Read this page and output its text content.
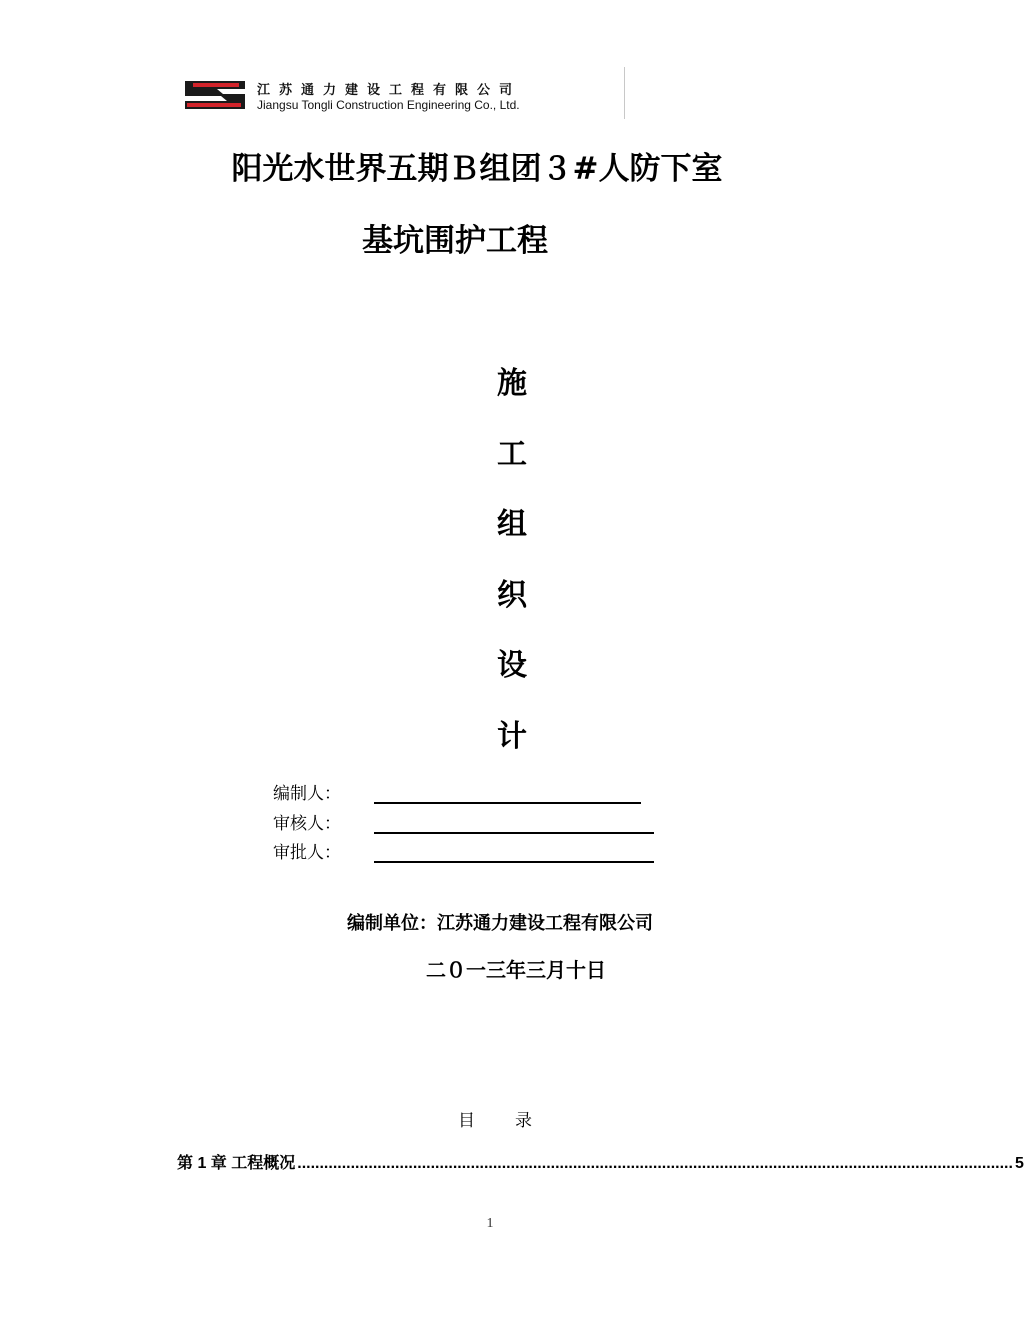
江苏通力建设工程有限公司
Jiangsu Tongli Construction Engineering Co., Ltd.
阳光水世界五期Ｂ组团３#人防下室
基坑围护工程
施
工
组
织
设
计
编制人：
审核人：
审批人：
编制单位：江苏通力建设工程有限公司
二０一三年三月十日
目录
第 1 章 工程概况 ................................................................................................................................................................. 5
1
